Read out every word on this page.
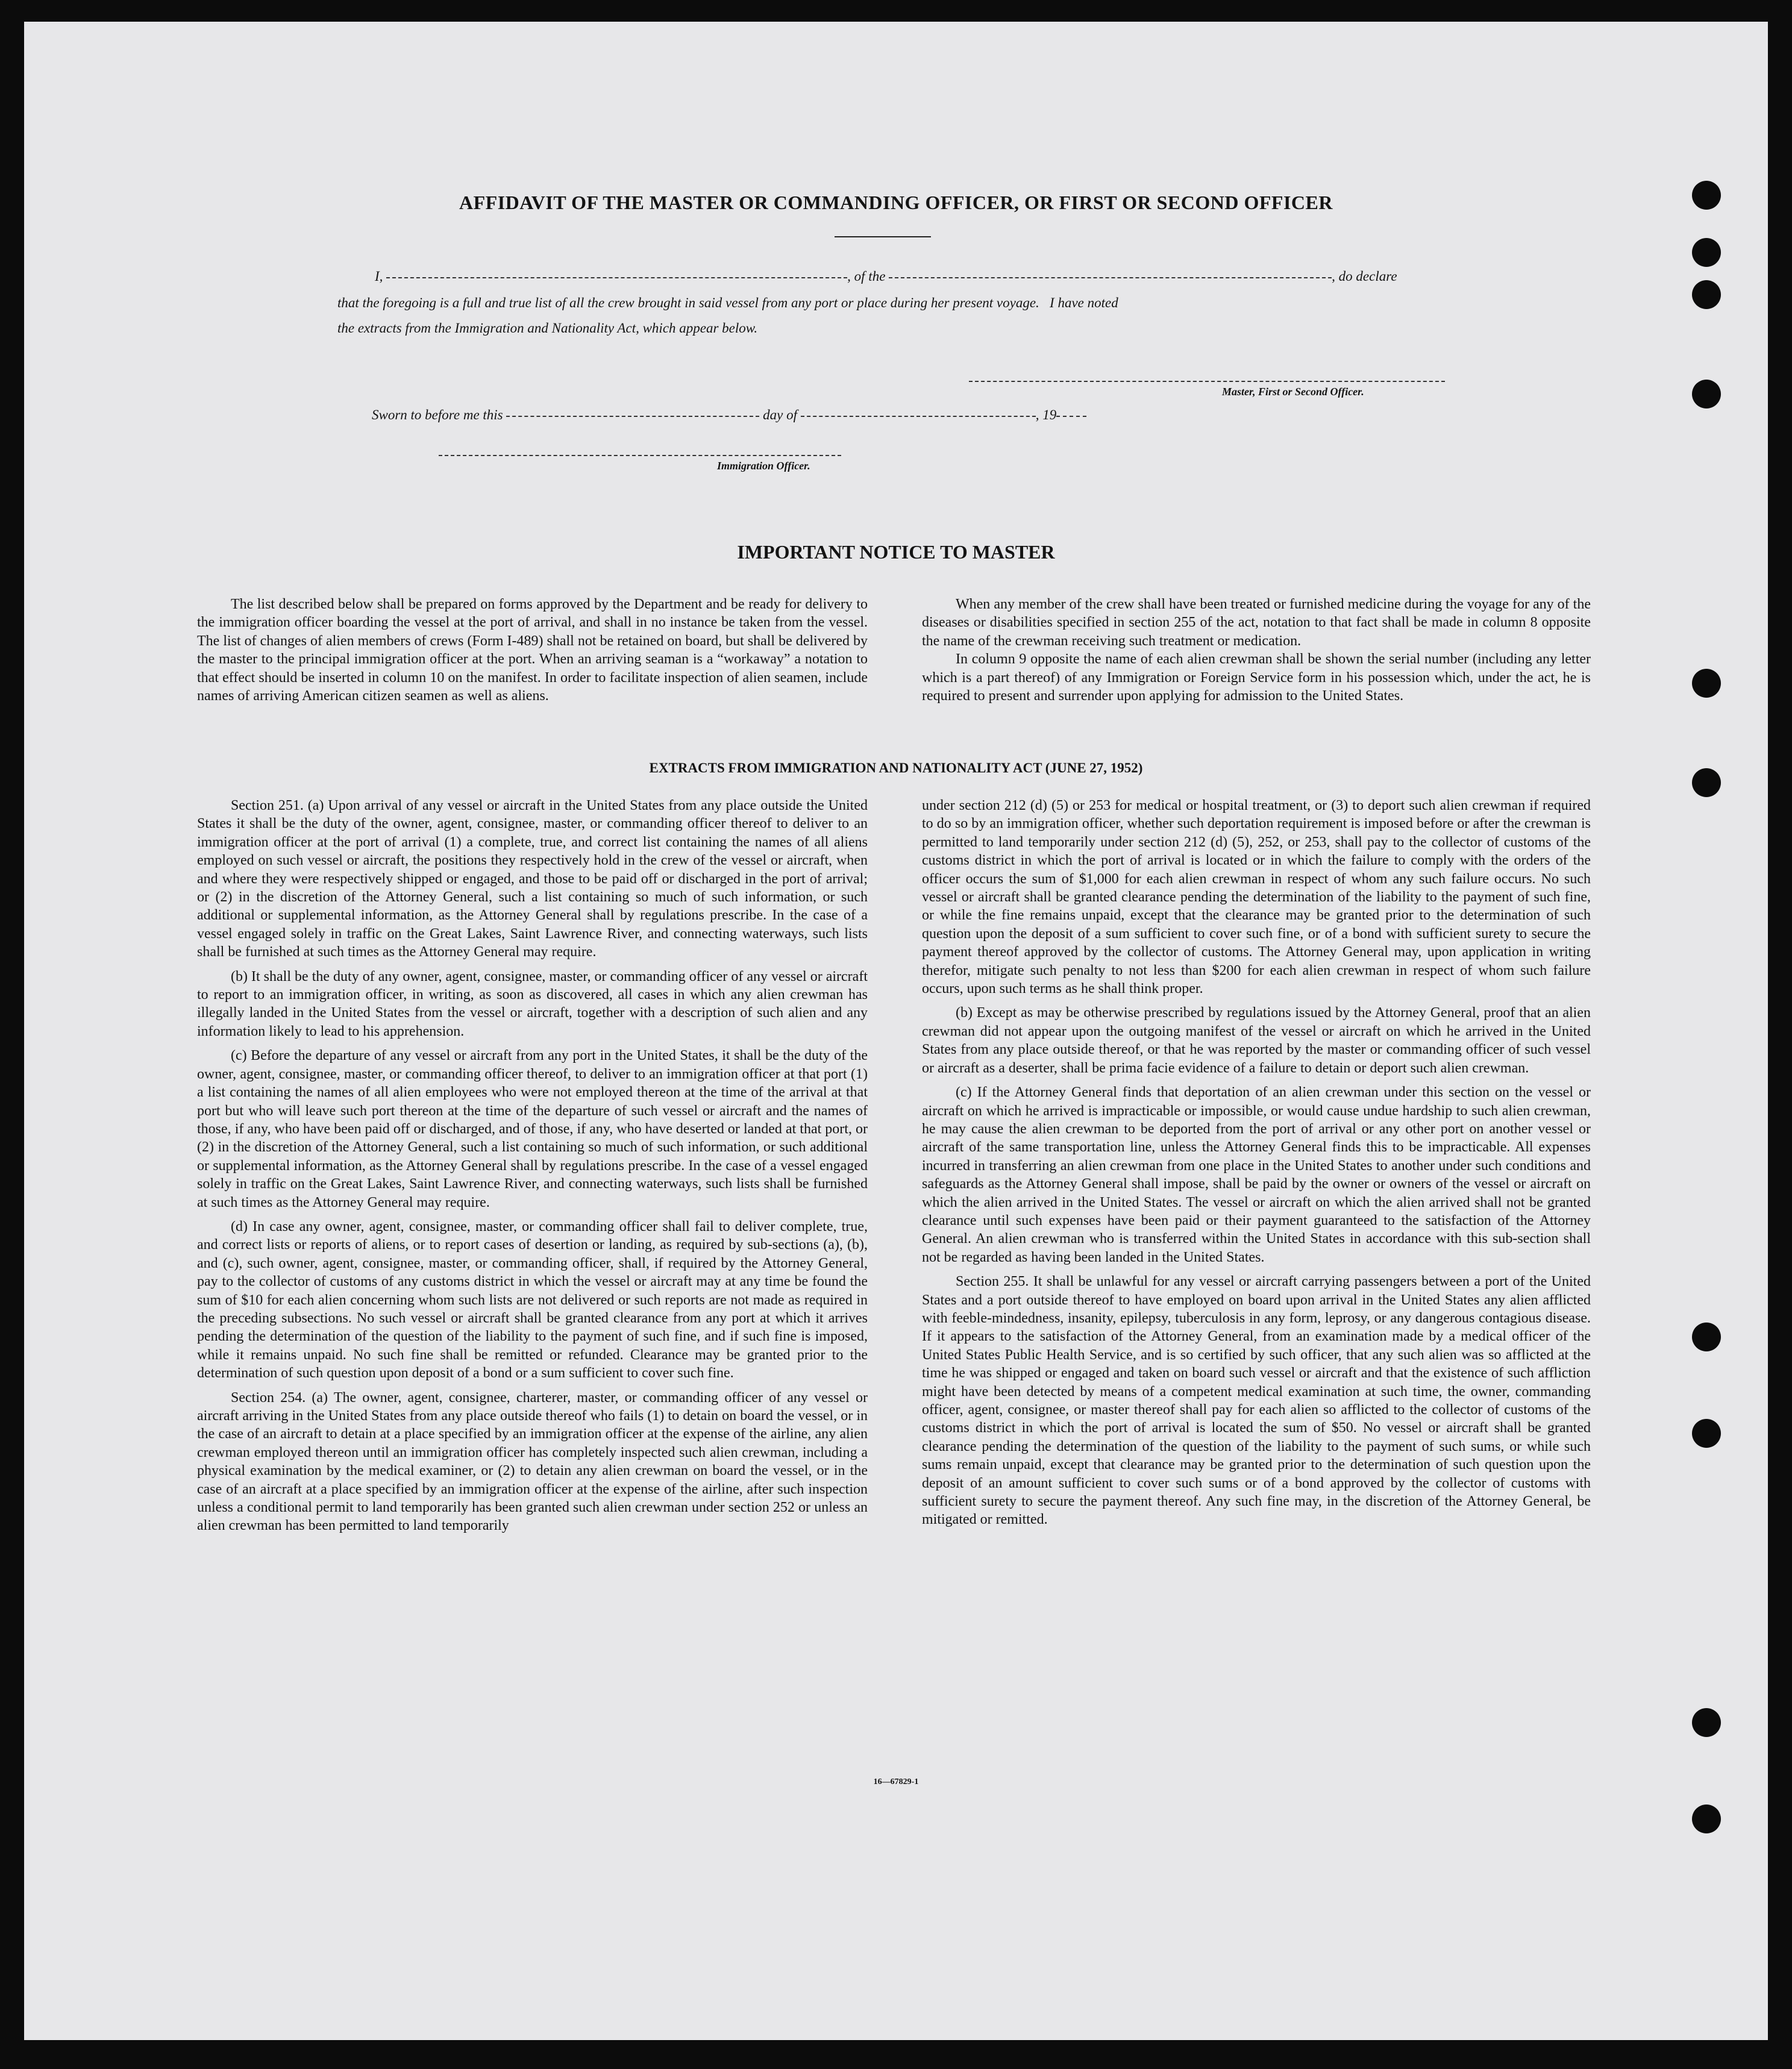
AFFIDAVIT OF THE MASTER OR COMMANDING OFFICER, OR FIRST OR SECOND OFFICER
I,	, of the	, do declare
that the foregoing is a full and true list of all the crew brought in said vessel from any port or place during her present voyage.   I have noted
the extracts from the Immigration and Nationality Act, which appear below.
Master, First or Second Officer.
Sworn to before me this	day of	, 19
Immigration Officer.
IMPORTANT NOTICE TO MASTER

The list described below shall be prepared on forms approved by the Department and be ready for delivery to the immigration officer boarding the vessel at the port of arrival, and shall in no instance be taken from the vessel. The list of changes of alien members of crews (Form I-489) shall not be retained on board, but shall be delivered by the master to the principal immigration officer at the port. When an arriving seaman is a “workaway” a notation to that effect should be inserted in column 10 on the manifest. In order to facilitate inspection of alien seamen, include names of arriving American citizen seamen as well as aliens.

When any member of the crew shall have been treated or furnished medicine during the voyage for any of the diseases or disabilities specified in section 255 of the act, notation to that fact shall be made in column 8 opposite the name of the crewman receiving such treatment or medication.

In column 9 opposite the name of each alien crewman shall be shown the serial number (including any letter which is a part thereof) of any Immigration or Foreign Service form in his possession which, under the act, he is required to present and surrender upon applying for admission to the United States.

EXTRACTS FROM IMMIGRATION AND NATIONALITY ACT (JUNE 27, 1952)

Section 251. (a) Upon arrival of any vessel or aircraft in the United States from any place outside the United States it shall be the duty of the owner, agent, consignee, master, or commanding officer thereof to deliver to an immigration officer at the port of arrival (1) a complete, true, and correct list containing the names of all aliens employed on such vessel or aircraft, the positions they respectively hold in the crew of the vessel or aircraft, when and where they were respectively shipped or engaged, and those to be paid off or discharged in the port of arrival; or (2) in the discretion of the Attorney General, such a list containing so much of such information, or such additional or supplemental information, as the Attorney General shall by regulations prescribe. In the case of a vessel engaged solely in traffic on the Great Lakes, Saint Lawrence River, and connecting waterways, such lists shall be furnished at such times as the Attorney General may require.

(b) It shall be the duty of any owner, agent, consignee, master, or commanding officer of any vessel or aircraft to report to an immigration officer, in writing, as soon as discovered, all cases in which any alien crewman has illegally landed in the United States from the vessel or aircraft, together with a description of such alien and any information likely to lead to his apprehension.

(c) Before the departure of any vessel or aircraft from any port in the United States, it shall be the duty of the owner, agent, consignee, master, or commanding officer thereof, to deliver to an immigration officer at that port (1) a list containing the names of all alien employees who were not employed thereon at the time of the arrival at that port but who will leave such port thereon at the time of the departure of such vessel or aircraft and the names of those, if any, who have been paid off or discharged, and of those, if any, who have deserted or landed at that port, or (2) in the discretion of the Attorney General, such a list containing so much of such information, or such additional or supplemental information, as the Attorney General shall by regulations prescribe. In the case of a vessel engaged solely in traffic on the Great Lakes, Saint Lawrence River, and connecting waterways, such lists shall be furnished at such times as the Attorney General may require.

(d) In case any owner, agent, consignee, master, or commanding officer shall fail to deliver complete, true, and correct lists or reports of aliens, or to report cases of desertion or landing, as required by sub-sections (a), (b), and (c), such owner, agent, consignee, master, or commanding officer, shall, if required by the Attorney General, pay to the collector of customs of any customs district in which the vessel or aircraft may at any time be found the sum of $10 for each alien concerning whom such lists are not delivered or such reports are not made as required in the preceding subsections. No such vessel or aircraft shall be granted clearance from any port at which it arrives pending the determination of the question of the liability to the payment of such fine, and if such fine is imposed, while it remains unpaid. No such fine shall be remitted or refunded. Clearance may be granted prior to the determination of such question upon deposit of a bond or a sum sufficient to cover such fine.

Section 254. (a) The owner, agent, consignee, charterer, master, or commanding officer of any vessel or aircraft arriving in the United States from any place outside thereof who fails (1) to detain on board the vessel, or in the case of an aircraft to detain at a place specified by an immigration officer at the expense of the airline, any alien crewman employed thereon until an immigration officer has completely inspected such alien crewman, including a physical examination by the medical examiner, or (2) to detain any alien crewman on board the vessel, or in the case of an aircraft at a place specified by an immigration officer at the expense of the airline, after such inspection unless a conditional permit to land temporarily has been granted such alien crewman under section 252 or unless an alien crewman has been permitted to land temporarily

under section 212 (d) (5) or 253 for medical or hospital treatment, or (3) to deport such alien crewman if required to do so by an immigration officer, whether such deportation requirement is imposed before or after the crewman is permitted to land temporarily under section 212 (d) (5), 252, or 253, shall pay to the collector of customs of the customs district in which the port of arrival is located or in which the failure to comply with the orders of the officer occurs the sum of $1,000 for each alien crewman in respect of whom any such failure occurs. No such vessel or aircraft shall be granted clearance pending the determination of the liability to the payment of such fine, or while the fine remains unpaid, except that the clearance may be granted prior to the determination of such question upon the deposit of a sum sufficient to cover such fine, or of a bond with sufficient surety to secure the payment thereof approved by the collector of customs. The Attorney General may, upon application in writing therefor, mitigate such penalty to not less than $200 for each alien crewman in respect of whom such failure occurs, upon such terms as he shall think proper.

(b) Except as may be otherwise prescribed by regulations issued by the Attorney General, proof that an alien crewman did not appear upon the outgoing manifest of the vessel or aircraft on which he arrived in the United States from any place outside thereof, or that he was reported by the master or commanding officer of such vessel or aircraft as a deserter, shall be prima facie evidence of a failure to detain or deport such alien crewman.

(c) If the Attorney General finds that deportation of an alien crewman under this section on the vessel or aircraft on which he arrived is impracticable or impossible, or would cause undue hardship to such alien crewman, he may cause the alien crewman to be deported from the port of arrival or any other port on another vessel or aircraft of the same transportation line, unless the Attorney General finds this to be impracticable. All expenses incurred in transferring an alien crewman from one place in the United States to another under such conditions and safeguards as the Attorney General shall impose, shall be paid by the owner or owners of the vessel or aircraft on which the alien arrived in the United States. The vessel or aircraft on which the alien arrived shall not be granted clearance until such expenses have been paid or their payment guaranteed to the satisfaction of the Attorney General. An alien crewman who is transferred within the United States in accordance with this sub-section shall not be regarded as having been landed in the United States.

Section 255. It shall be unlawful for any vessel or aircraft carrying passengers between a port of the United States and a port outside thereof to have employed on board upon arrival in the United States any alien afflicted with feeble-mindedness, insanity, epilepsy, tuberculosis in any form, leprosy, or any dangerous contagious disease. If it appears to the satisfaction of the Attorney General, from an examination made by a medical officer of the United States Public Health Service, and is so certified by such officer, that any such alien was so afflicted at the time he was shipped or engaged and taken on board such vessel or aircraft and that the existence of such affliction might have been detected by means of a competent medical examination at such time, the owner, commanding officer, agent, consignee, or master thereof shall pay for each alien so afflicted to the collector of customs of the customs district in which the port of arrival is located the sum of $50. No vessel or aircraft shall be granted clearance pending the determination of the question of the liability to the payment of such sums, or while such sums remain unpaid, except that clearance may be granted prior to the determination of such question upon the deposit of an amount sufficient to cover such sums or of a bond approved by the collector of customs with sufficient surety to secure the payment thereof. Any such fine may, in the discretion of the Attorney General, be mitigated or remitted.

16—67829-1
